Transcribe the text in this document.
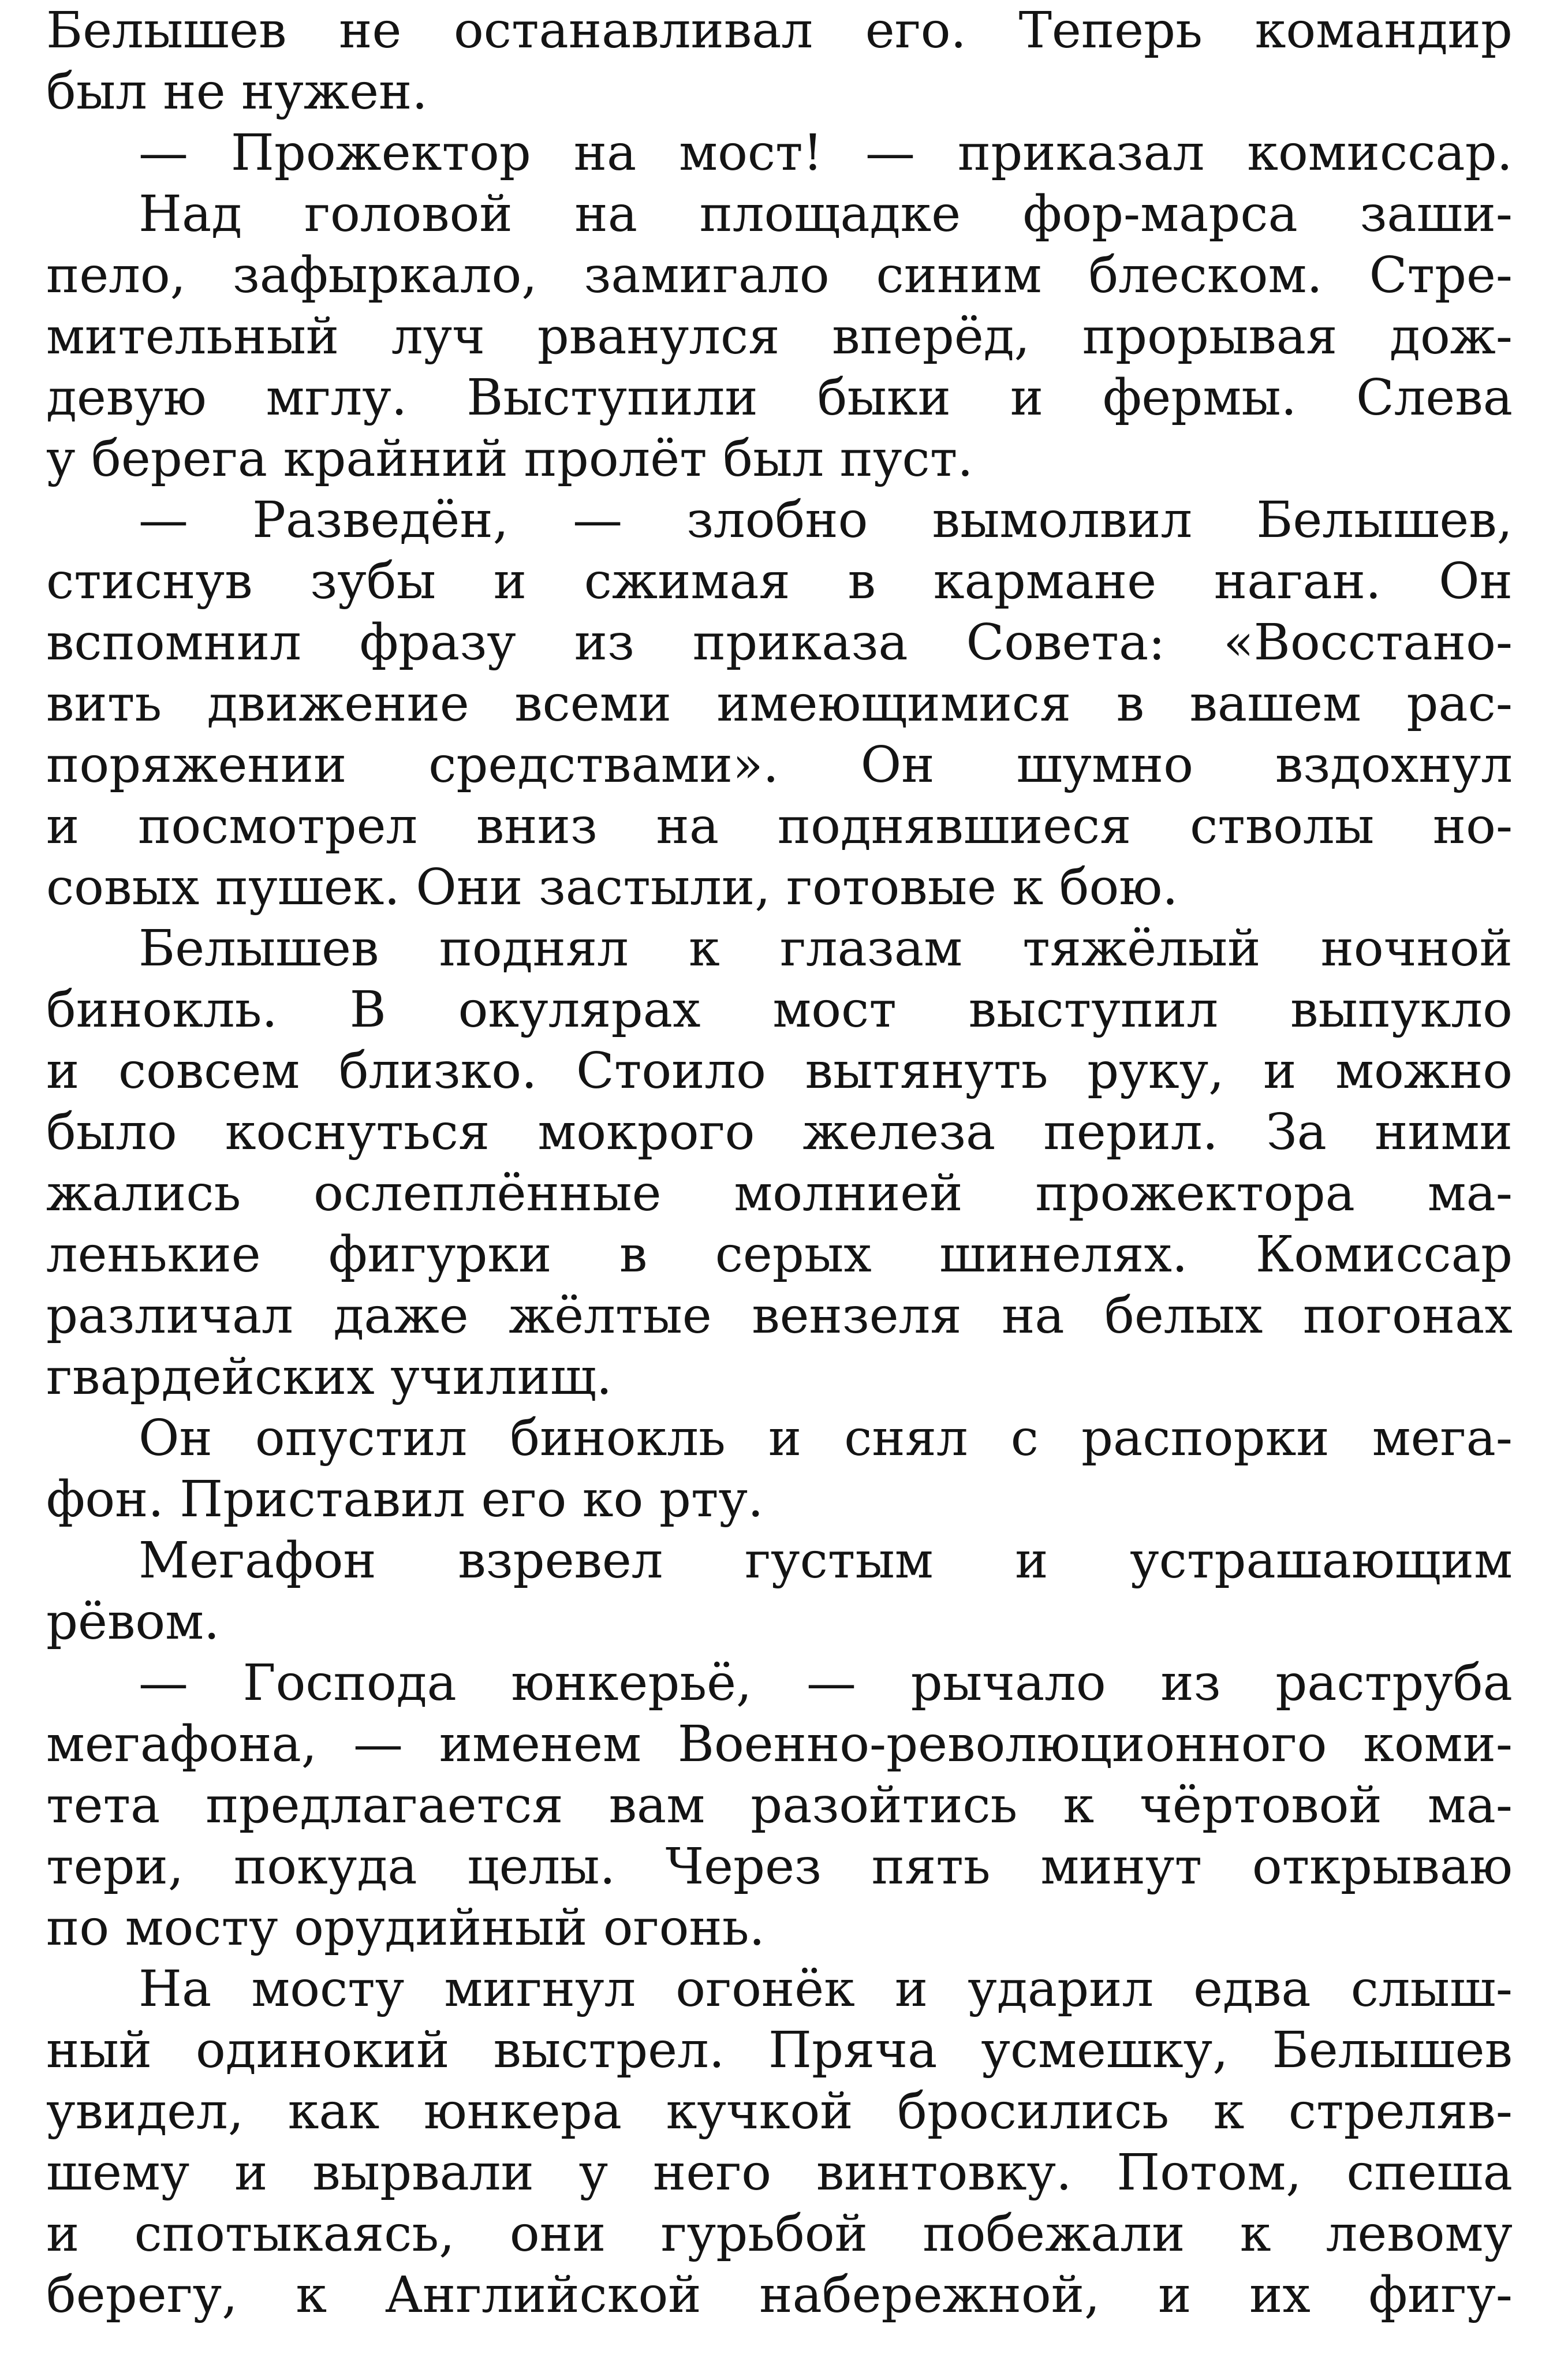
Белышев не останавливал его. Теперь командир
был не нужен.
— Прожектор на мост! — приказал комиссар.
Над головой на площадке фор-марса заши-
пело, зафыркало, замигало синим блеском. Стре-
мительный луч рванулся вперёд, прорывая дож-
девую мглу. Выступили быки и фермы. Слева
у берега крайний пролёт был пуст.
— Разведён, — злобно вымолвил Белышев,
стиснув зубы и сжимая в кармане наган. Он
вспомнил фразу из приказа Совета: «Восстано-
вить движение всеми имеющимися в вашем рас-
поряжении средствами». Он шумно вздохнул
и посмотрел вниз на поднявшиеся стволы но-
совых пушек. Они застыли, готовые к бою.
Белышев поднял к глазам тяжёлый ночной
бинокль. В окулярах мост выступил выпукло
и совсем близко. Стоило вытянуть руку, и можно
было коснуться мокрого железа перил. За ними
жались ослеплённые молнией прожектора ма-
ленькие фигурки в серых шинелях. Комиссар
различал даже жёлтые вензеля на белых погонах
гвардейских училищ.
Он опустил бинокль и снял с распорки мега-
фон. Приставил его ко рту.
Мегафон взревел густым и устрашающим
рёвом.
— Господа юнкерьё, — рычало из раструба
мегафона, — именем Военно-революционного коми-
тета предлагается вам разойтись к чёртовой ма-
тери, покуда целы. Через пять минут открываю
по мосту орудийный огонь.
На мосту мигнул огонёк и ударил едва слыш-
ный одинокий выстрел. Пряча усмешку, Белышев
увидел, как юнкера кучкой бросились к стреляв-
шему и вырвали у него винтовку. Потом, спеша
и спотыкаясь, они гурьбой побежали к левому
берегу, к Английской набережной, и их фигу-
